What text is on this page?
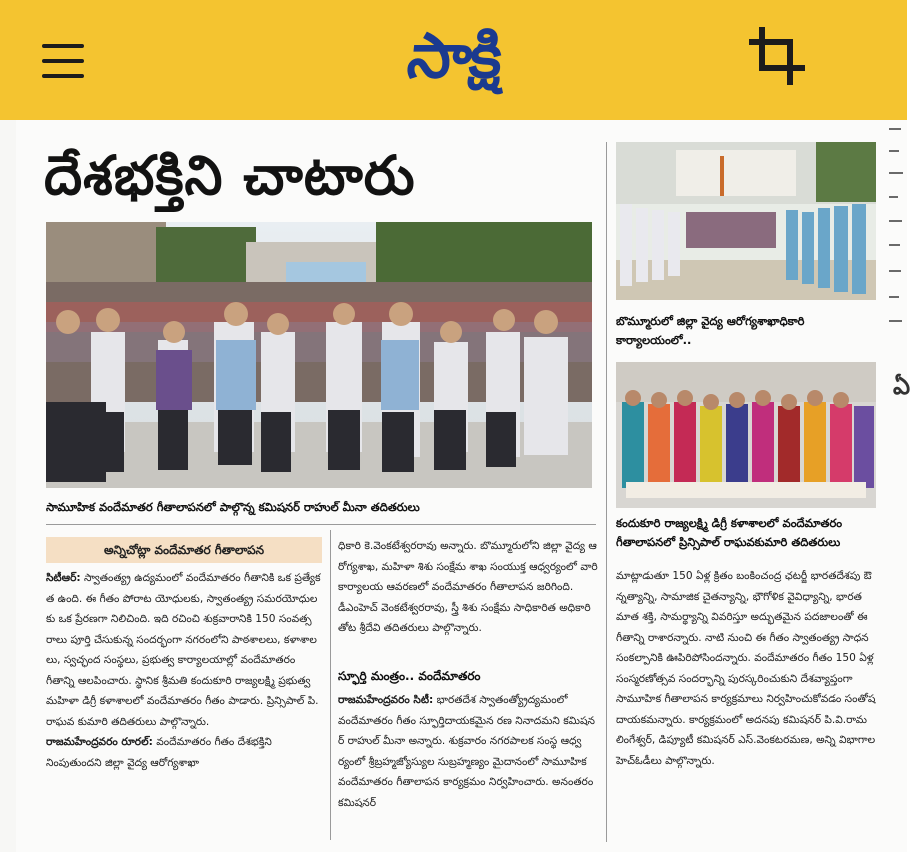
సాక్షి
దేశభక్తిని చాటారు
బొమ్మూరులో జిల్లా వైద్య ఆరోగ్యశాఖాధికారి కార్యాలయంలో..
కందుకూరి రాజ్యలక్ష్మి డిగ్రీ కళాశాలలో వందేమాతరం గీతాలాపనలో ప్రిన్సిపాల్ రాఘవకుమారి తదితరులు
సామూహిక వందేమాతర గీతాలాపనలో పాల్గొన్న కమిషనర్ రాహుల్ మీనా తదితరులు
అన్నిచోట్లా వందేమాతర గీతాలాపన

సిటీఆర్‌: స్వాతంత్య్ర ఉద్యమంలో వందేమాతరం గీతానికి ఒక ప్రత్యేకత ఉంది. ఈ గీతం పోరాట యోధులకు, స్వాతంత్య్ర సమరయోధులకు ఒక ప్రేరణగా నిలిచింది. ఇది రచించి శుక్రవారానికి 150 సంవత్సరాలు పూర్తి చేసుకున్న సందర్భంగా నగరంలోని పాఠశాలలు, కళాశాలలు, స్వచ్ఛంద సంస్థలు, ప్రభుత్వ కార్యాలయాల్లో వందేమాతరం గీతాన్ని ఆలపించారు. స్థానిక శ్రీమతి కందుకూరి రాజ్యలక్ష్మి ప్రభుత్వ మహిళా డిగ్రీ కళాశాలలో వందేమాతరం గీతం పాడారు. ప్రిన్సిపాల్ పి.రాఘవ కుమారి తదితరులు పాల్గొన్నారు.

రాజమహేంద్రవరం రూరల్: వందేమాతరం గీతం దేశభక్తిని నింపుతుందని జిల్లా వైద్య ఆరోగ్యశాఖా

ధికారి కె.వెంకటేశ్వరరావు అన్నారు. బొమ్మూరులోని జిల్లా వైద్య ఆరోగ్యశాఖ, మహిళా శిశు సంక్షేమ శాఖ సంయుక్త ఆధ్వర్యంలో వారి కార్యాలయ ఆవరణలో వందేమాతరం గీతాలాపన జరిగింది. డీఎంహెచ్‌ వెంకటేశ్వరరావు, స్త్రీ శిశు సంక్షేమ సాధికారిత అధికారి తోట శ్రీదేవి తదితరులు పాల్గొన్నారు.

స్ఫూర్తి మంత్రం.. వందేమాతరం

రాజమహేంద్రవరం సిటీ: భారతదేశ స్వాతంత్య్రోద్యమంలో వందేమాతరం గీతం స్ఫూర్తిదాయకమైన రణ నినాదమని కమిషనర్ రాహుల్ మీనా అన్నారు. శుక్రవారం నగరపాలక సంస్థ ఆధ్వర్యంలో శ్రీబ్రహ్మజ్యోస్యుల సుబ్రహ్మణ్యం మైదానంలో సామూహిక వందేమాతరం గీతాలాపన కార్యక్రమం నిర్వహించారు. అనంతరం కమిషనర్

మాట్లాడుతూ 150 ఏళ్ల క్రితం బంకించంద్ర ఛటర్జీ భారతదేశపు ఔన్నత్యాన్ని, సామాజిక చైతన్యాన్ని, భౌగోళిక వైవిధ్యాన్ని, భారతమాత శక్తి, సామర్థ్యాన్ని వివరిస్తూ అద్భుతమైన పదజాలంతో ఈ గీతాన్ని రాశారన్నారు. నాటి నుంచి ఈ గీతం స్వాతంత్య్ర సాధన సంకల్పానికి ఊపిరిపోసిందన్నారు. వందేమాతరం గీతం 150 ఏళ్ల సంస్మరణోత్సవ సందర్భాన్ని పురస్కరించుకుని దేశవ్యాప్తంగా సామూహిక గీతాలాపన కార్యక్రమాలు నిర్వహించుకోవడం సంతోషదాయకమన్నారు. కార్యక్రమంలో అదనపు కమిషనర్ పి.వి.రామలింగేశ్వర్, డిప్యూటీ కమిషనర్ ఎస్.వెంకటరమణ, అన్ని విభాగాల హెచ్‌ఓడీలు పాల్గొన్నారు.

ఏ
